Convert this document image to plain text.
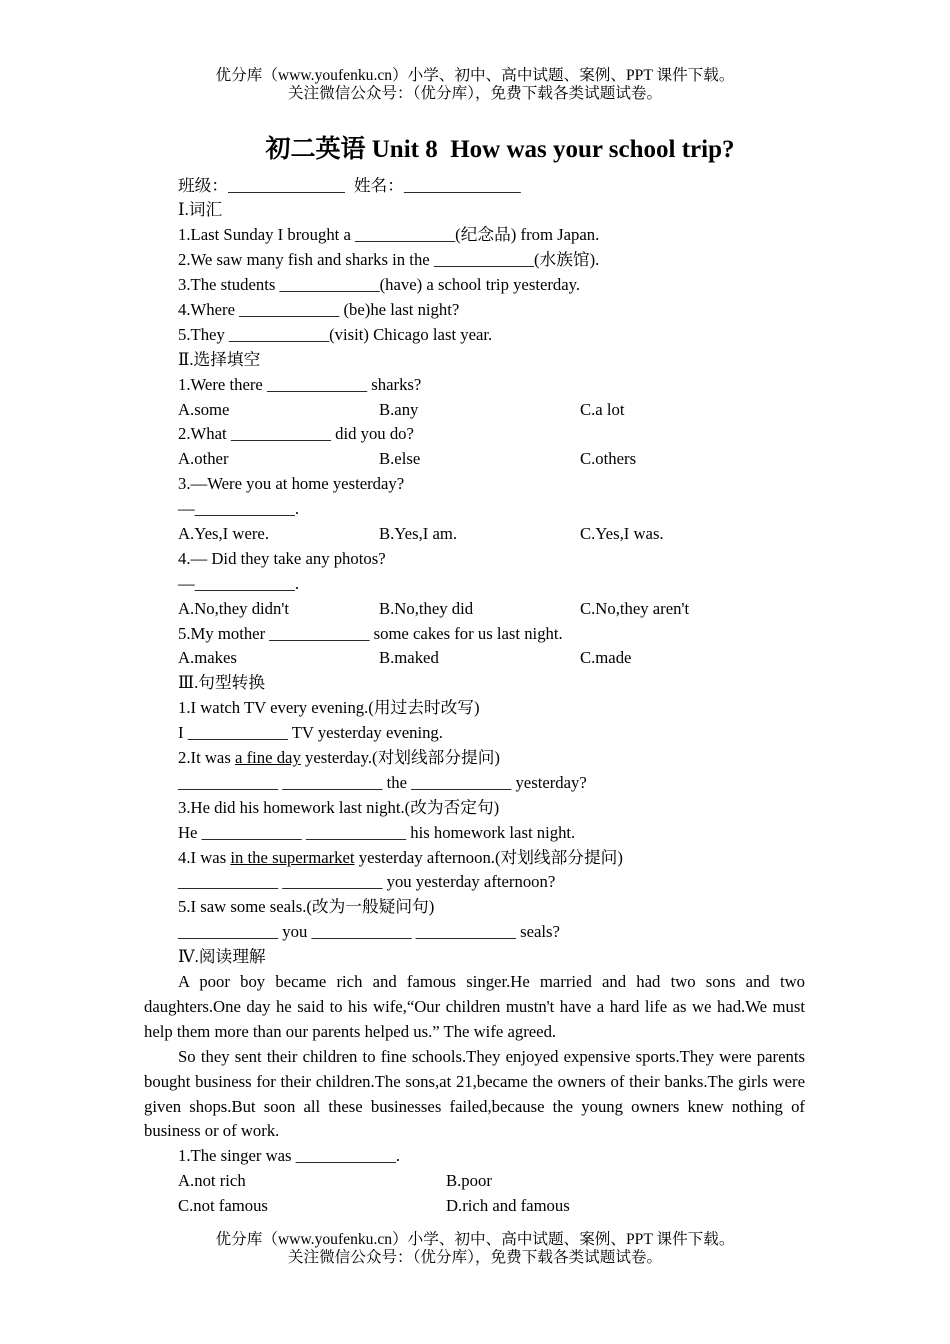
优分库（www.youfenku.cn）小学、初中、高中试题、案例、PPT 课件下载。
关注微信公众号：（优分库），免费下载各类试题试卷。
初二英语 Unit 8  How was your school trip?
班级：______________ 姓名：______________
Ⅰ.词汇
1.Last Sunday I brought a ____________(纪念品) from Japan.
2.We saw many fish and sharks in the ____________(水族馆).
3.The students ____________(have) a school trip yesterday.
4.Where ____________ (be)he last night?
5.They ____________(visit) Chicago last year.
Ⅱ.选择填空
1.Were there ____________ sharks?
A.some	B.any	C.a lot
2.What ____________ did you do?
A.other	B.else	C.others
3.—Were you at home yesterday?
—____________.
A.Yes,I were.	B.Yes,I am.	C.Yes,I was.
4.— Did they take any photos?
—____________.
A.No,they didn't	B.No,they did	C.No,they aren't
5.My mother ____________ some cakes for us last night.
A.makes	B.maked	C.made
Ⅲ.句型转换
1.I watch TV every evening.(用过去时改写)
I ____________ TV yesterday evening.
2.It was a fine day yesterday.(对划线部分提问)
____________ ____________ the ____________ yesterday?
3.He did his homework last night.(改为否定句)
He ____________ ____________ his homework last night.
4.I was in the supermarket yesterday afternoon.(对划线部分提问)
____________ ____________ you yesterday afternoon?
5.I saw some seals.(改为一般疑问句)
____________ you ____________ ____________ seals?
Ⅳ.阅读理解
A poor boy became rich and famous singer.He married and had two sons and two daughters.One day he said to his wife,“Our children mustn't have a hard life as we had.We must help them more than our parents helped us.” The wife agreed.
So they sent their children to fine schools.They enjoyed expensive sports.They were parents bought business for their children.The sons,at 21,became the owners of their banks.The girls were given shops.But soon all these businesses failed,because the young owners knew nothing of business or of work.
1.The singer was ____________.
A.not rich	B.poor
C.not famous	D.rich and famous
优分库（www.youfenku.cn）小学、初中、高中试题、案例、PPT 课件下载。
关注微信公众号：（优分库），免费下载各类试题试卷。
